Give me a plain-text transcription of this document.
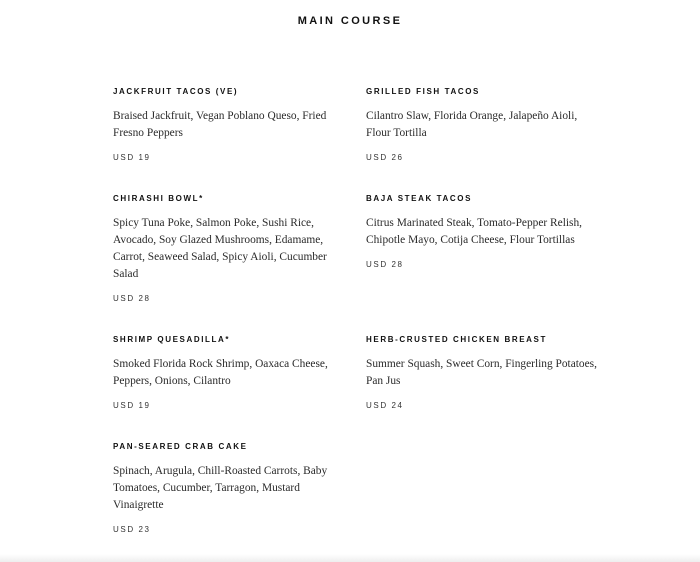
MAIN COURSE
JACKFRUIT TACOS (VE)
Braised Jackfruit, Vegan Poblano Queso, Fried Fresno Peppers
USD 19
CHIRASHI BOWL*
Spicy Tuna Poke, Salmon Poke, Sushi Rice, Avocado, Soy Glazed Mushrooms, Edamame, Carrot, Seaweed Salad, Spicy Aioli, Cucumber Salad
USD 28
SHRIMP QUESADILLA*
Smoked Florida Rock Shrimp, Oaxaca Cheese, Peppers, Onions, Cilantro
USD 19
PAN-SEARED CRAB CAKE
Spinach, Arugula, Chill-Roasted Carrots, Baby Tomatoes, Cucumber, Tarragon, Mustard Vinaigrette
USD 23
GRILLED FISH TACOS
Cilantro Slaw, Florida Orange, Jalapeño Aioli, Flour Tortilla
USD 26
BAJA STEAK TACOS
Citrus Marinated Steak, Tomato-Pepper Relish, Chipotle Mayo, Cotija Cheese, Flour Tortillas
USD 28
HERB-CRUSTED CHICKEN BREAST
Summer Squash, Sweet Corn, Fingerling Potatoes, Pan Jus
USD 24
